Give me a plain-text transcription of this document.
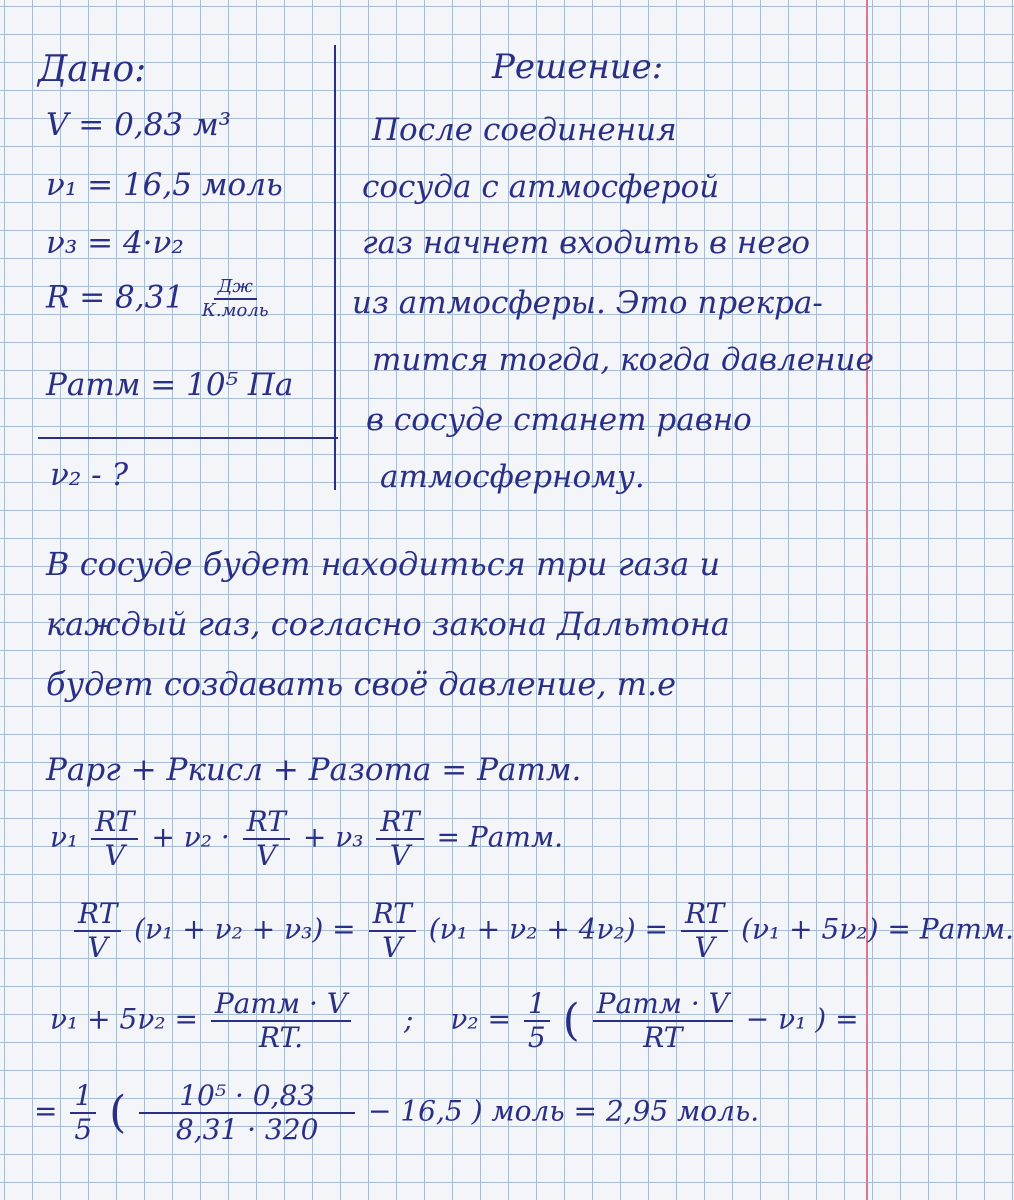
Дано:
V = 0,83 м³
ν₁ = 16,5 моль
ν₃ = 4·ν₂
$R = 8,31 \frac{Дж}{\text{К.моль}}$
Pатм = 10⁵ Па
ν₂ - ?
Решение:
После соединения
сосуда с атмосферой
газ начнет входить в него
из атмосферы. Это прекра-
тится тогда, когда давление
в сосуде станет равно
атмосферному.
В сосуде будет находиться три газа и
каждый газ, согласно закона Дальтона
будет создавать своё давление, т.е
Pарг + Pкисл + Pазота = Pатм.
$\nu_1 \frac{RT}{V} + \nu_2 \cdot \frac{RT}{V} + \nu_3 \frac{RT}{V}$ = Pатм.
$\frac{RT}{V} (\nu_1 + \nu_2 + \nu_3) = \frac{RT}{V} (\nu_1 + \nu_2 + 4\nu_2) = \frac{RT}{V} (\nu_1 + 5\nu_2)$ = Pатм.
$\nu_1 + 5\nu_2 = \frac{\text{Pатм · V}}{RT.}$ ; $\nu_2 = \frac{1}{5}$ ( $\frac{\text{Pатм · V}}{RT} - \nu_1$ ) =
= $\frac{1}{5}$ ( $\frac{\text{10⁵ · 0,83}}{8,31 \cdot 320} - 16,5$ ) моль = 2,95 моль.
